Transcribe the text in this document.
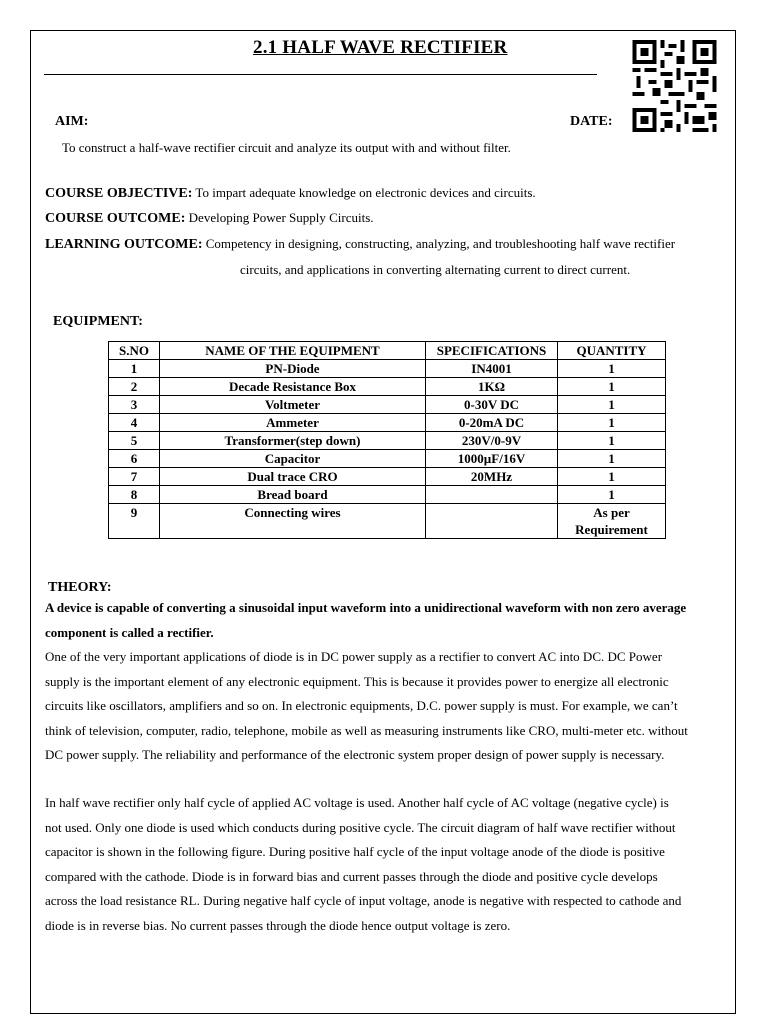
2.1 HALF WAVE RECTIFIER
AIM:	DATE:
To construct a half-wave rectifier circuit and analyze its output with and without filter.
COURSE OBJECTIVE: To impart adequate knowledge on electronic devices and circuits.
COURSE OUTCOME: Developing Power Supply Circuits.
LEARNING OUTCOME: Competency in designing, constructing, analyzing, and troubleshooting half wave rectifier
circuits, and applications in converting alternating current to direct current.
EQUIPMENT:
S.NO	NAME OF THE EQUIPMENT	SPECIFICATIONS	QUANTITY
1	PN-Diode	IN4001	1
2	Decade Resistance Box	1KΩ	1
3	Voltmeter	0-30V DC	1
4	Ammeter	0-20mA DC	1
5	Transformer(step down)	230V/0-9V	1
6	Capacitor	1000µF/16V	1
7	Dual trace CRO	20MHz	1
8	Bread board		1
9	Connecting wires		As per Requirement
THEORY:
A device is capable of converting a sinusoidal input waveform into a unidirectional waveform with non zero average
component is called a rectifier.
One of the very important applications of diode is in DC power supply as a rectifier to convert AC into DC. DC Power
supply is the important element of any electronic equipment. This is because it provides power to energize all electronic
circuits like oscillators, amplifiers and so on. In electronic equipments, D.C. power supply is must. For example, we can’t
think of television, computer, radio, telephone, mobile as well as measuring instruments like CRO, multi-meter etc. without
DC power supply. The reliability and performance of the electronic system proper design of power supply is necessary.
In half wave rectifier only half cycle of applied AC voltage is used. Another half cycle of AC voltage (negative cycle) is
not used. Only one diode is used which conducts during positive cycle. The circuit diagram of half wave rectifier without
capacitor is shown in the following figure. During positive half cycle of the input voltage anode of the diode is positive
compared with the cathode. Diode is in forward bias and current passes through the diode and positive cycle develops
across the load resistance RL. During negative half cycle of input voltage, anode is negative with respected to cathode and
diode is in reverse bias. No current passes through the diode hence output voltage is zero.
